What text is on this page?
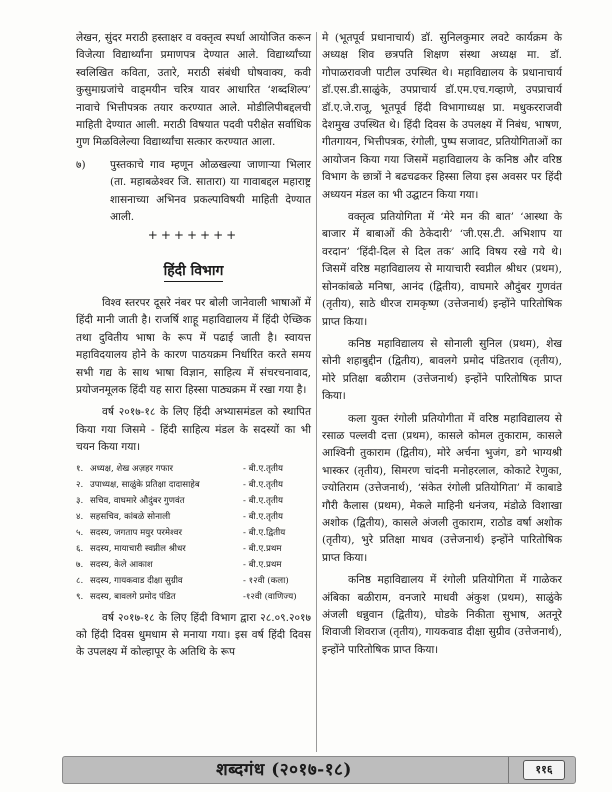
लेखन, सुंदर मराठी हस्ताक्षर व वक्तृत्व स्पर्धा आयोजित करून विजेत्या विद्यार्थ्यांना प्रमाणपत्र देण्यात आले. विद्यार्थ्यांच्या स्वलिखित कविता, उतारे, मराठी संबंधी घोषवाक्य, कवी कुसुमाग्रजांचे वाड्मयीन चरित्र यावर आधारित ‘शब्दशिल्प’ नावाचे भित्तीपत्रक तयार करण्यात आले. मोडीलिपीबद्दलची माहिती देण्यात आली. मराठी विषयात पदवी परीक्षेत सर्वाधिक गुण मिळविलेल्या विद्यार्थ्यांचा सत्कार करण्यात आला.

७)	पुस्तकाचे गाव म्हणून ओळखल्या जाणाऱ्या भिलार (ता. महाबळेश्वर जि. सातारा) या गावाबद्दल महाराष्ट्र शासनाच्या अभिनव प्रकल्पाविषयी माहिती देण्यात आली.
+++++++
हिंदी विभाग

विश्व स्तरपर दूसरे नंबर पर बोली जानेवाली भाषाओं में हिंदी मानी जाती है। राजर्षि शाहू महाविद्यालय में हिंदी ऐच्छिक तथा दुवितीय भाषा के रूप में पढाई जाती है। स्वायत्त महाविदयालय होने के कारण पाठयक्रम निर्धारित करते समय सभी गद्य के साथ भाषा विज्ञान, साहित्य में संचरचनावाद, प्रयोजनमूलक हिंदी यह सारा हिस्सा पाठ्यक्रम में रखा गया है।

वर्ष २०१७-१८ के लिए हिंदी अभ्यासमंडल को स्थापित किया गया जिसमे - हिंदी साहित्य मंडल के सदस्यों का भी चयन किया गया।

१. अध्यक्ष, शेख अज़हर गफार	- बी.ए.तृतीय
२. उपाध्यक्ष, साळुंके प्रतिक्षा दादासाहेब	- बी.ए.तृतीय
३. सचिव, वाघमारे औदुंबर गुणवंत	- बी.ए.तृतीय
४. सहसचिव, कांबळे सोनाली	- बी.ए.तृतीय
५. सदस्य, जगताप मयुर परमेश्वर	- बी.ए.द्वितीय
६. सदस्य, मायाचारी स्वप्नील श्रीधर	- बी.ए.प्रथम
७. सदस्य, केले आकाश	- बी.ए.प्रथम
८. सदस्य, गायकवाड दीक्षा सुग्रीव	- १२वी (कला)
९. सदस्य, बावलगे प्रमोद पंडित	-१२वी (वाणिज्य)

वर्ष २०१७-१८ के लिए हिंदी विभाग द्वारा २८.०९.२०१७ को हिंदी दिवस धुमधाम से मनाया गया। इस वर्ष हिंदी दिवस के उपलक्ष्य में कोल्हापूर के अतिथि के रूप

मे (भूतपूर्व प्रधानाचार्य) डॉ. सुनिलकुमार लवटे कार्यक्रम के अध्यक्ष शिव छत्रपति शिक्षण संस्था अध्यक्ष मा. डॉ. गोपाळरावजी पाटील उपस्थित थे। महाविद्यालय के प्रधानाचार्य डॉ.एस.डी.साळुंके, उपप्राचार्य डॉ.एम.एच.गव्हाणे, उपप्राचार्य डॉ.ए.जे.राजू, भूतपूर्व हिंदी विभागाध्यक्ष प्रा. मधुकरराजवी देशमुख उपस्थित थे। हिंदी दिवस के उपलक्ष्य में निबंध, भाषण, गीतगायन, भित्तीपत्रक, रंगोली, पुष्प सजावट, प्रतियोगिताओं का आयोजन किया गया जिसमें महाविद्यालय के कनिष्ठ और वरिष्ठ विभाग के छात्रों ने बढचढकर हिस्सा लिया इस अवसर पर हिंदी अध्ययन मंडल का भी उद्घाटन किया गया।

वक्तृत्व प्रतियोगिता में ‘मेरे मन की बात’ ‘आस्था के बाजार में बाबाओं की ठेकेदारी’ ‘जी.एस.टी. अभिशाप या वरदान’ ‘हिंदी-दिल से दिल तक’ आदि विषय रखे गये थे। जिसमें वरिष्ठ महाविद्यालय से मायाचारी स्वप्नील श्रीधर (प्रथम), सोनकांबळे मनिषा, आनंद (द्वितीय), वाघमारे औदुंबर गुणवंत (तृतीय), साठे धीरज रामकृष्ण (उत्तेजनार्थ) इन्होंने पारितोषिक प्राप्त किया।

कनिष्ठ महाविद्यालय से सोनाली सुनिल (प्रथम), शेख सोनी शहाबुद्दीन (द्वितीय), बावलगे प्रमोद पंडितराव (तृतीय), मोरे प्रतिक्षा बळीराम (उत्तेजनार्थ) इन्होंने पारितोषिक प्राप्त किया।

कला युक्त रंगोली प्रतियोगीता में वरिष्ठ महाविद्यालय से रसाळ पल्लवी दत्ता (प्रथम), कासले कोमल तुकाराम, कासले आश्विनी तुकाराम (द्वितीय), मोरे अर्चना भुजंग, डगे भाग्यश्री भास्कर (तृतीय), सिमरण चांदनी मनोहरलाल, कोकाटे रेणुका, ज्योतिराम (उत्तेजनार्थ), ‘संकेत रंगोली प्रतियोगिता’ में काबाडे गौरी कैलास (प्रथम), मेकले माहिनी धनंजय, मंडोळे विशाखा अशोक (द्वितीय), कासले अंजली तुकाराम, राठोड वर्षा अशोक (तृतीय), भुरे प्रतिक्षा माधव (उत्तेजनार्थ) इन्होंने पारितोषिक प्राप्त किया।

कनिष्ठ महाविद्यालय में रंगोली प्रतियोगिता में गाळेकर अंबिका बळीराम, वनजारे माधवी अंकुश (प्रथम), साळुंके अंजली धन्नुवान (द्वितीय), घोडके निकीता सुभाष, अतनूरे शिवाजी शिवराज (तृतीय), गायकवाड दीक्षा सुग्रीव (उत्तेजनार्थ), इन्होंने पारितोषिक प्राप्त किया।

शब्दगंध (२०१७-१८)	११६
